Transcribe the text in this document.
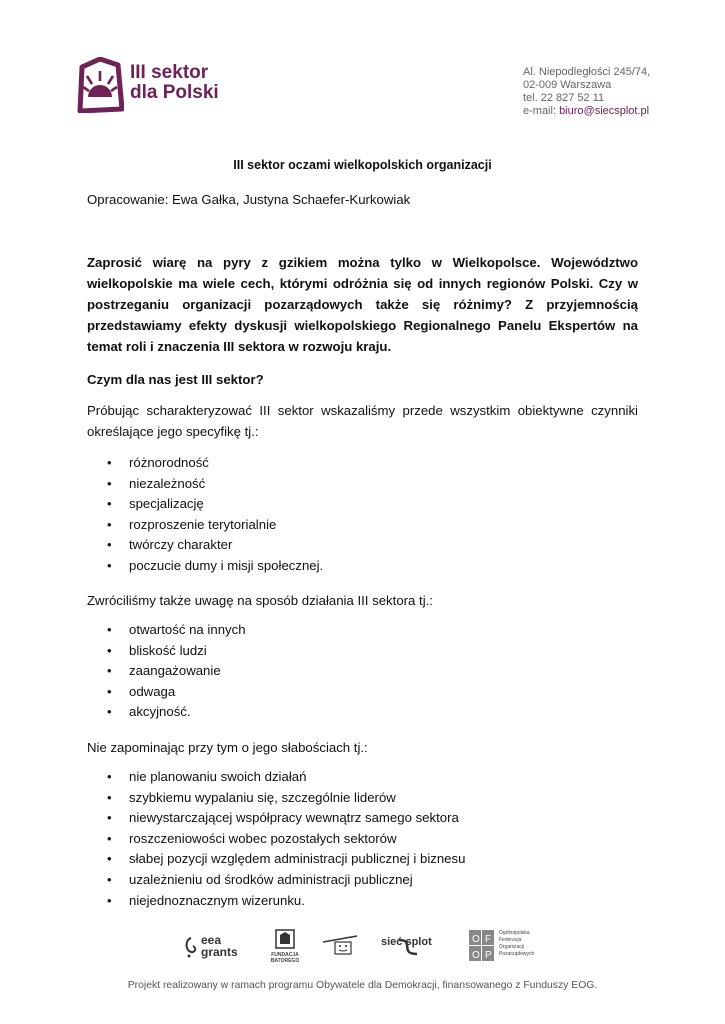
III sektor
dla Polski
Al. Niepodległości 245/74,
02-009 Warszawa
tel. 22 827 52 11
e-mail: biuro@siecsplot.pl
III sektor oczami wielkopolskich organizacji
Opracowanie: Ewa Gałka, Justyna Schaefer-Kurkowiak
Zaprosić wiarę na pyry z gzikiem można tylko w Wielkopolsce. Województwo wielkopolskie ma wiele cech, którymi odróżnia się od innych regionów Polski. Czy w postrzeganiu organizacji pozarządowych także się różnimy? Z przyjemnością przedstawiamy efekty dyskusji wielkopolskiego Regionalnego Panelu Ekspertów na temat roli i znaczenia III sektora w rozwoju kraju.
Czym dla nas jest III sektor?
Próbując scharakteryzować III sektor wskazaliśmy przede wszystkim obiektywne czynniki określające jego specyfikę tj.:
• różnorodność
• niezależność
• specjalizację
• rozproszenie terytorialnie
• twórczy charakter
• poczucie dumy i misji społecznej.
Zwróciliśmy także uwagę na sposób działania III sektora tj.:
• otwartość na innych
• bliskość ludzi
• zaangażowanie
• odwaga
• akcyjność.
Nie zapominając przy tym o jego słabościach tj.:
• nie planowaniu swoich działań
• szybkiemu wypalaniu się, szczególnie liderów
• niewystarczającej współpracy wewnątrz samego sektora
• roszczeniowości wobec pozostałych sektorów
• słabej pozycji względem administracji publicznej i biznesu
• uzależnieniu od środków administracji publicznej
• niejednoznacznym wizerunku.
eea grants	FUNDACJA BATOREGO
sieć splot	O F
O P
Ogólnopolska Federacja Organizacji Pozarządowych
Projekt realizowany w ramach programu Obywatele dla Demokracji, finansowanego z Funduszy EOG.
